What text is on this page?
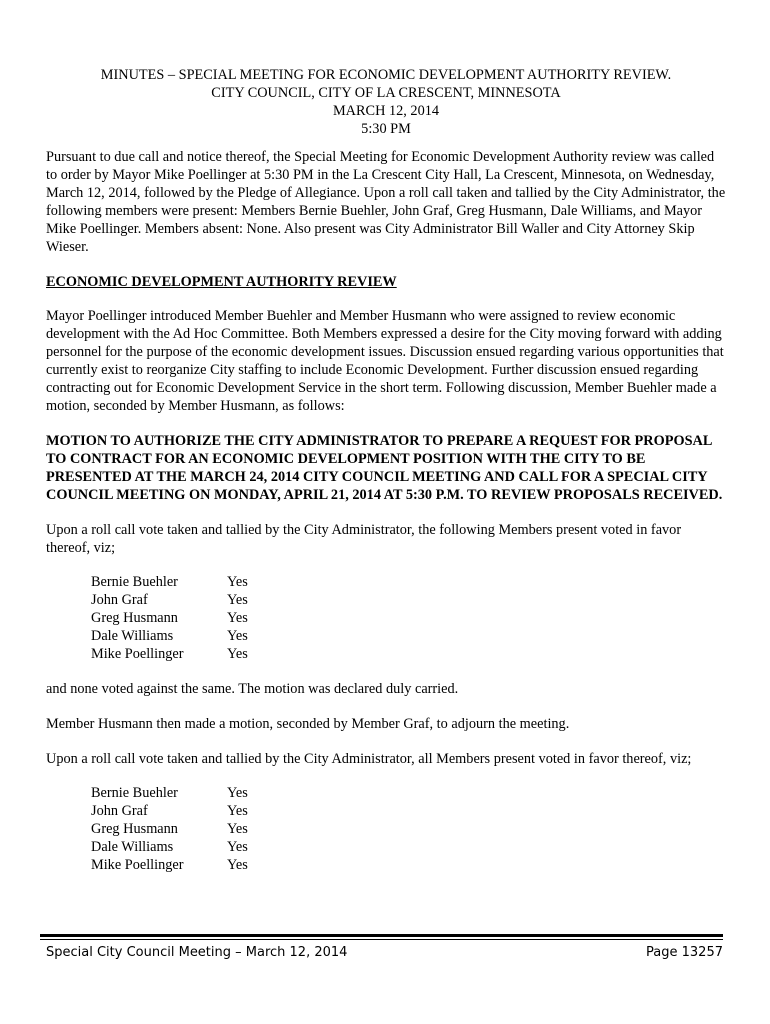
MINUTES – SPECIAL MEETING FOR ECONOMIC DEVELOPMENT AUTHORITY REVIEW.
CITY COUNCIL, CITY OF LA CRESCENT, MINNESOTA
MARCH 12, 2014
5:30 PM

Pursuant to due call and notice thereof, the Special Meeting for Economic Development Authority review was called to order by Mayor Mike Poellinger at 5:30 PM in the La Crescent City Hall, La Crescent, Minnesota, on Wednesday, March 12, 2014, followed by the Pledge of Allegiance. Upon a roll call taken and tallied by the City Administrator, the following members were present: Members Bernie Buehler, John Graf, Greg Husmann, Dale Williams, and Mayor Mike Poellinger. Members absent: None. Also present was City Administrator Bill Waller and City Attorney Skip Wieser.

ECONOMIC DEVELOPMENT AUTHORITY REVIEW

Mayor Poellinger introduced Member Buehler and Member Husmann who were assigned to review economic development with the Ad Hoc Committee. Both Members expressed a desire for the City moving forward with adding personnel for the purpose of the economic development issues. Discussion ensued regarding various opportunities that currently exist to reorganize City staffing to include Economic Development. Further discussion ensued regarding contracting out for Economic Development Service in the short term. Following discussion, Member Buehler made a motion, seconded by Member Husmann, as follows:

MOTION TO AUTHORIZE THE CITY ADMINISTRATOR TO PREPARE A REQUEST FOR PROPOSAL TO CONTRACT FOR AN ECONOMIC DEVELOPMENT POSITION WITH THE CITY TO BE PRESENTED AT THE MARCH 24, 2014 CITY COUNCIL MEETING AND CALL FOR A SPECIAL CITY COUNCIL MEETING ON MONDAY, APRIL 21, 2014 AT 5:30 P.M. TO REVIEW PROPOSALS RECEIVED.

Upon a roll call vote taken and tallied by the City Administrator, the following Members present voted in favor thereof, viz;

Bernie Buehler	Yes
John Graf	Yes
Greg Husmann	Yes
Dale Williams	Yes
Mike Poellinger	Yes

and none voted against the same. The motion was declared duly carried.

Member Husmann then made a motion, seconded by Member Graf, to adjourn the meeting.

Upon a roll call vote taken and tallied by the City Administrator, all Members present voted in favor thereof, viz;

Bernie Buehler	Yes
John Graf	Yes
Greg Husmann	Yes
Dale Williams	Yes
Mike Poellinger	Yes
Special City Council Meeting – March 12, 2014	Page 13257
